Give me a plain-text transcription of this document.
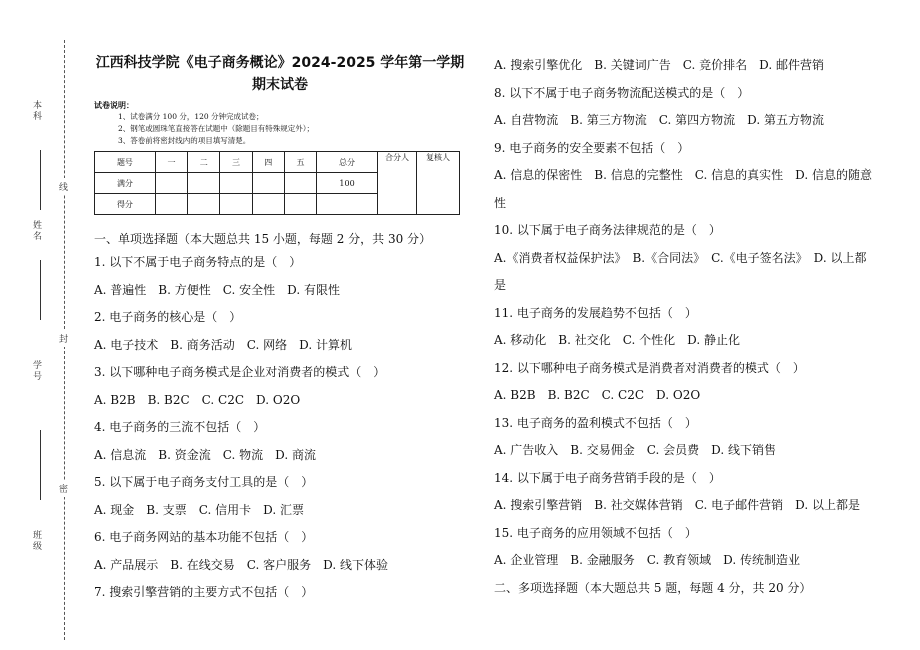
本科
线
姓名
封
学号
密
班级
江西科技学院《电子商务概论》2024-2025 学年第一学期期末试卷
试卷说明：
1、试卷满分 100 分，120 分钟完成试卷；
2、钢笔或圆珠笔直接答在试题中（除题目有特殊规定外）；
3、答卷前将密封线内的项目填写清楚。
题号	一	二	三	四	五	总分	合分人	复核人
满分						100		
得分								
一、单项选择题（本大题总共 15 小题，每题 2 分，共 30 分）
1. 以下不属于电子商务特点的是（　）
A. 普遍性　B. 方便性　C. 安全性　D. 有限性
2. 电子商务的核心是（　）
A. 电子技术　B. 商务活动　C. 网络　D. 计算机
3. 以下哪种电子商务模式是企业对消费者的模式（　）
A. B2B　B. B2C　C. C2C　D. O2O
4. 电子商务的三流不包括（　）
A. 信息流　B. 资金流　C. 物流　D. 商流
5. 以下属于电子商务支付工具的是（　）
A. 现金　B. 支票　C. 信用卡　D. 汇票
6. 电子商务网站的基本功能不包括（　）
A. 产品展示　B. 在线交易　C. 客户服务　D. 线下体验
7. 搜索引擎营销的主要方式不包括（　）
A. 搜索引擎优化　B. 关键词广告　C. 竞价排名　D. 邮件营销
8. 以下不属于电子商务物流配送模式的是（　）
A. 自营物流　B. 第三方物流　C. 第四方物流　D. 第五方物流
9. 电子商务的安全要素不包括（　）
A. 信息的保密性　B. 信息的完整性　C. 信息的真实性　D. 信息的随意性
10. 以下属于电子商务法律规范的是（　）
A.《消费者权益保护法》　B.《合同法》　C.《电子签名法》　D. 以上都是
11. 电子商务的发展趋势不包括（　）
A. 移动化　B. 社交化　C. 个性化　D. 静止化
12. 以下哪种电子商务模式是消费者对消费者的模式（　）
A. B2B　B. B2C　C. C2C　D. O2O
13. 电子商务的盈利模式不包括（　）
A. 广告收入　B. 交易佣金　C. 会员费　D. 线下销售
14. 以下属于电子商务营销手段的是（　）
A. 搜索引擎营销　B. 社交媒体营销　C. 电子邮件营销　D. 以上都是
15. 电子商务的应用领域不包括（　）
A. 企业管理　B. 金融服务　C. 教育领域　D. 传统制造业
二、多项选择题（本大题总共 5 题，每题 4 分，共 20 分）
